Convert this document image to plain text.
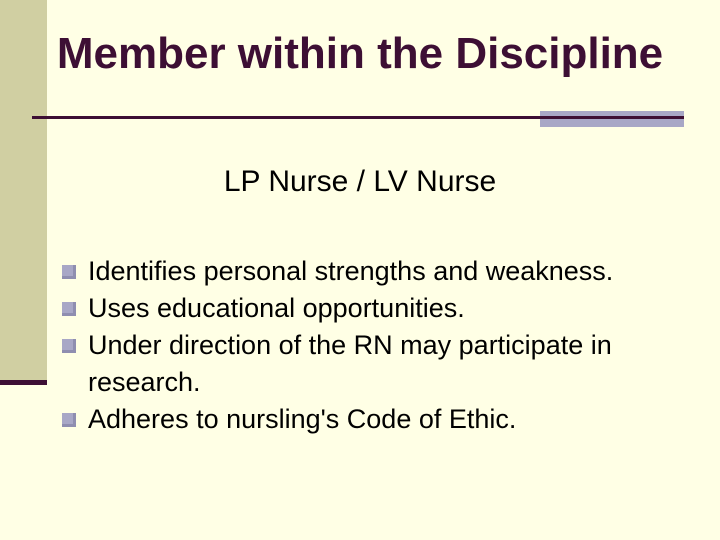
Member within the Discipline
LP Nurse / LV Nurse
Identifies personal strengths and weakness.
Uses educational opportunities.
Under direction of the RN may participate in research.
Adheres to nursling's Code of Ethic.
